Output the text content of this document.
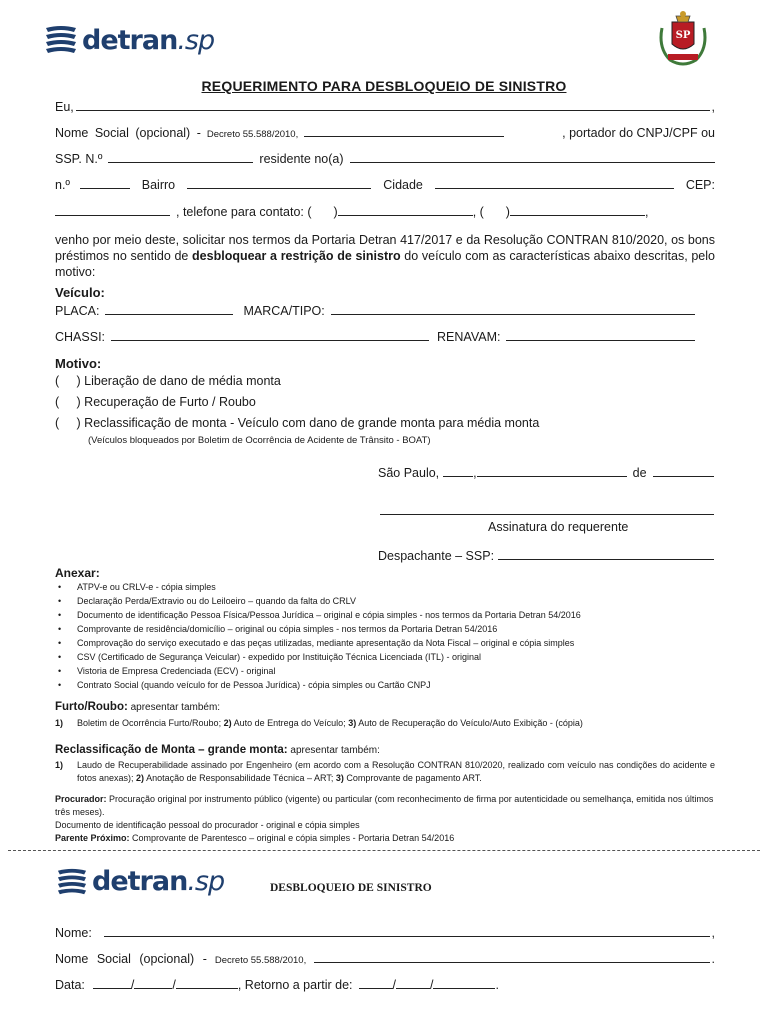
detran.sp	SP
REQUERIMENTO PARA DESBLOQUEIO DE SINISTRO
Eu,	,
Nome Social (opcional) - Decreto 55.588/2010,	, portador do CNPJ/CPF ou
SSP. N.º	residente no(a)
n.º	Bairro	Cidade	CEP:
, telefone para contato: ( )	, ( )	,
venho por meio deste, solicitar nos termos da Portaria Detran 417/2017 e da Resolução CONTRAN 810/2020, os bons préstimos no sentido de desbloquear a restrição de sinistro do veículo com as características abaixo descritas, pelo motivo:
Veículo:
PLACA:	MARCA/TIPO:
CHASSI:	RENAVAM:
Motivo:
(     ) Liberação de dano de média monta
(     ) Recuperação de Furto / Roubo
(     ) Reclassificação de monta - Veículo com dano de grande monta para média monta
(Veículos bloqueados por Boletim de Ocorrência de Acidente de Trânsito - BOAT)
São Paulo,	,	de
Assinatura do requerente
Despachante – SSP:
Anexar:
• ATPV-e ou CRLV-e - cópia simples
• Declaração Perda/Extravio ou do Leiloeiro – quando da falta do CRLV
• Documento de identificação Pessoa Física/Pessoa Jurídica – original e cópia simples - nos termos da Portaria Detran 54/2016
• Comprovante de residência/domicílio – original ou cópia simples - nos termos da Portaria Detran 54/2016
• Comprovação do serviço executado e das peças utilizadas, mediante apresentação da Nota Fiscal – original e cópia simples
• CSV (Certificado de Segurança Veicular) - expedido por Instituição Técnica Licenciada (ITL) - original
• Vistoria de Empresa Credenciada (ECV) - original
• Contrato Social (quando veículo for de Pessoa Jurídica) - cópia simples ou Cartão CNPJ
Furto/Roubo: apresentar também:
1)	Boletim de Ocorrência Furto/Roubo; 2) Auto de Entrega do Veículo; 3) Auto de Recuperação do Veículo/Auto Exibição - (cópia)
Reclassificação de Monta – grande monta: apresentar também:
1)	Laudo de Recuperabilidade assinado por Engenheiro (em acordo com a Resolução CONTRAN 810/2020, realizado com veículo nas condições do acidente e fotos anexas); 2) Anotação de Responsabilidade Técnica – ART; 3) Comprovante de pagamento ART.
Procurador: Procuração original por instrumento público (vigente) ou particular (com reconhecimento de firma por autenticidade ou semelhança, emitida nos últimos três meses).
Documento de identificação pessoal do procurador - original e cópia simples
Parente Próximo: Comprovante de Parentesco – original e cópia simples - Portaria Detran 54/2016
detran.sp	DESBLOQUEIO DE SINISTRO
Nome:	,
Nome Social (opcional) - Decreto 55.588/2010,	.
Data:	/	/	, Retorno a partir de:	/	/	.
